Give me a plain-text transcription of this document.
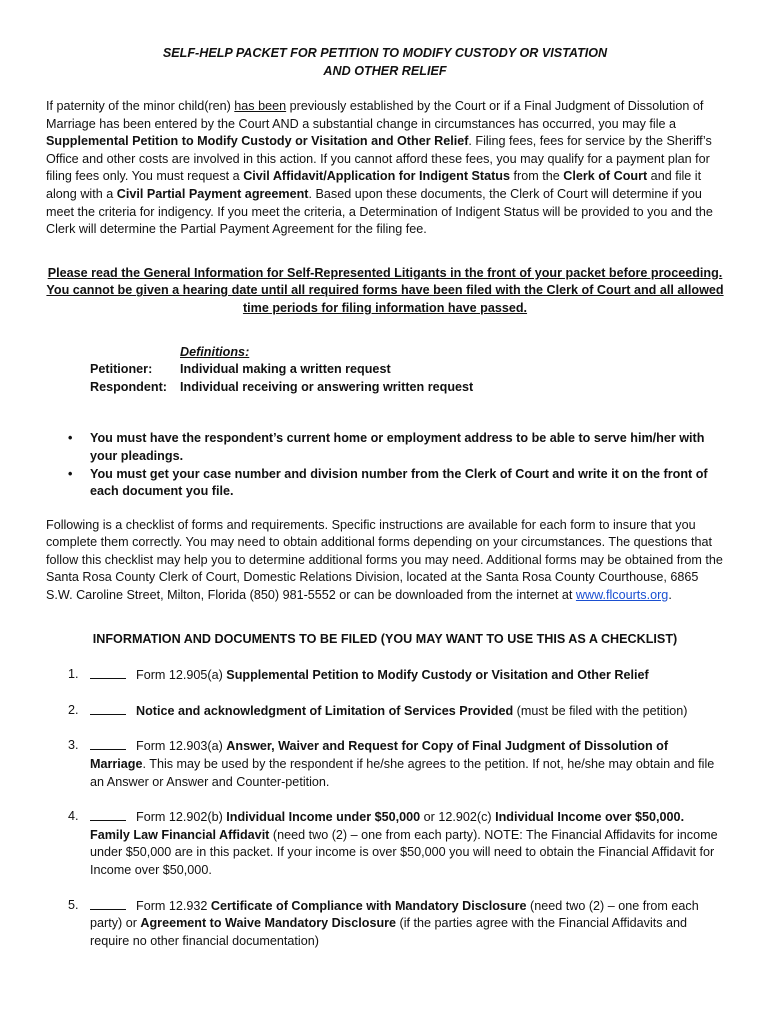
SELF-HELP PACKET FOR PETITION TO MODIFY CUSTODY OR VISTATION
AND OTHER RELIEF

If paternity of the minor child(ren) has been previously established by the Court or if a Final Judgment of Dissolution of Marriage has been entered by the Court AND a substantial change in circumstances has occurred, you may file a Supplemental Petition to Modify Custody or Visitation and Other Relief. Filing fees, fees for service by the Sheriff’s Office and other costs are involved in this action. If you cannot afford these fees, you may qualify for a payment plan for filing fees only. You must request a Civil Affidavit/Application for Indigent Status from the Clerk of Court and file it along with a Civil Partial Payment agreement. Based upon these documents, the Clerk of Court will determine if you meet the criteria for indigency. If you meet the criteria, a Determination of Indigent Status will be provided to you and the Clerk will determine the Partial Payment Agreement for the filing fee.

Please read the General Information for Self-Represented Litigants in the front of your packet before proceeding. You cannot be given a hearing date until all required forms have been filed with the Clerk of Court and all allowed time periods for filing information have passed.

Definitions:
Petitioner:	Individual making a written request
Respondent:	Individual receiving or answering written request
• You must have the respondent’s current home or employment address to be able to serve him/her with your pleadings.
• You must get your case number and division number from the Clerk of Court and write it on the front of each document you file.

Following is a checklist of forms and requirements. Specific instructions are available for each form to insure that you complete them correctly. You may need to obtain additional forms depending on your circumstances. The questions that follow this checklist may help you to determine additional forms you may need. Additional forms may be obtained from the Santa Rosa County Clerk of Court, Domestic Relations Division, located at the Santa Rosa County Courthouse, 6865 S.W. Caroline Street, Milton, Florida (850) 981-5552 or can be downloaded from the internet at www.flcourts.org.

INFORMATION AND DOCUMENTS TO BE FILED (YOU MAY WANT TO USE THIS AS A CHECKLIST)

1.	Form 12.905(a) Supplemental Petition to Modify Custody or Visitation and Other Relief
2.	Notice and acknowledgment of Limitation of Services Provided (must be filed with the petition)
3.	Form 12.903(a) Answer, Waiver and Request for Copy of Final Judgment of Dissolution of Marriage. This may be used by the respondent if he/she agrees to the petition. If not, he/she may obtain and file an Answer or Answer and Counter-petition.
4.	Form 12.902(b) Individual Income under $50,000 or 12.902(c) Individual Income over $50,000. Family Law Financial Affidavit (need two (2) – one from each party). NOTE: The Financial Affidavits for income under $50,000 are in this packet. If your income is over $50,000 you will need to obtain the Financial Affidavit for Income over $50,000.
5.	Form 12.932 Certificate of Compliance with Mandatory Disclosure (need two (2) – one from each party) or Agreement to Waive Mandatory Disclosure (if the parties agree with the Financial Affidavits and require no other financial documentation)
